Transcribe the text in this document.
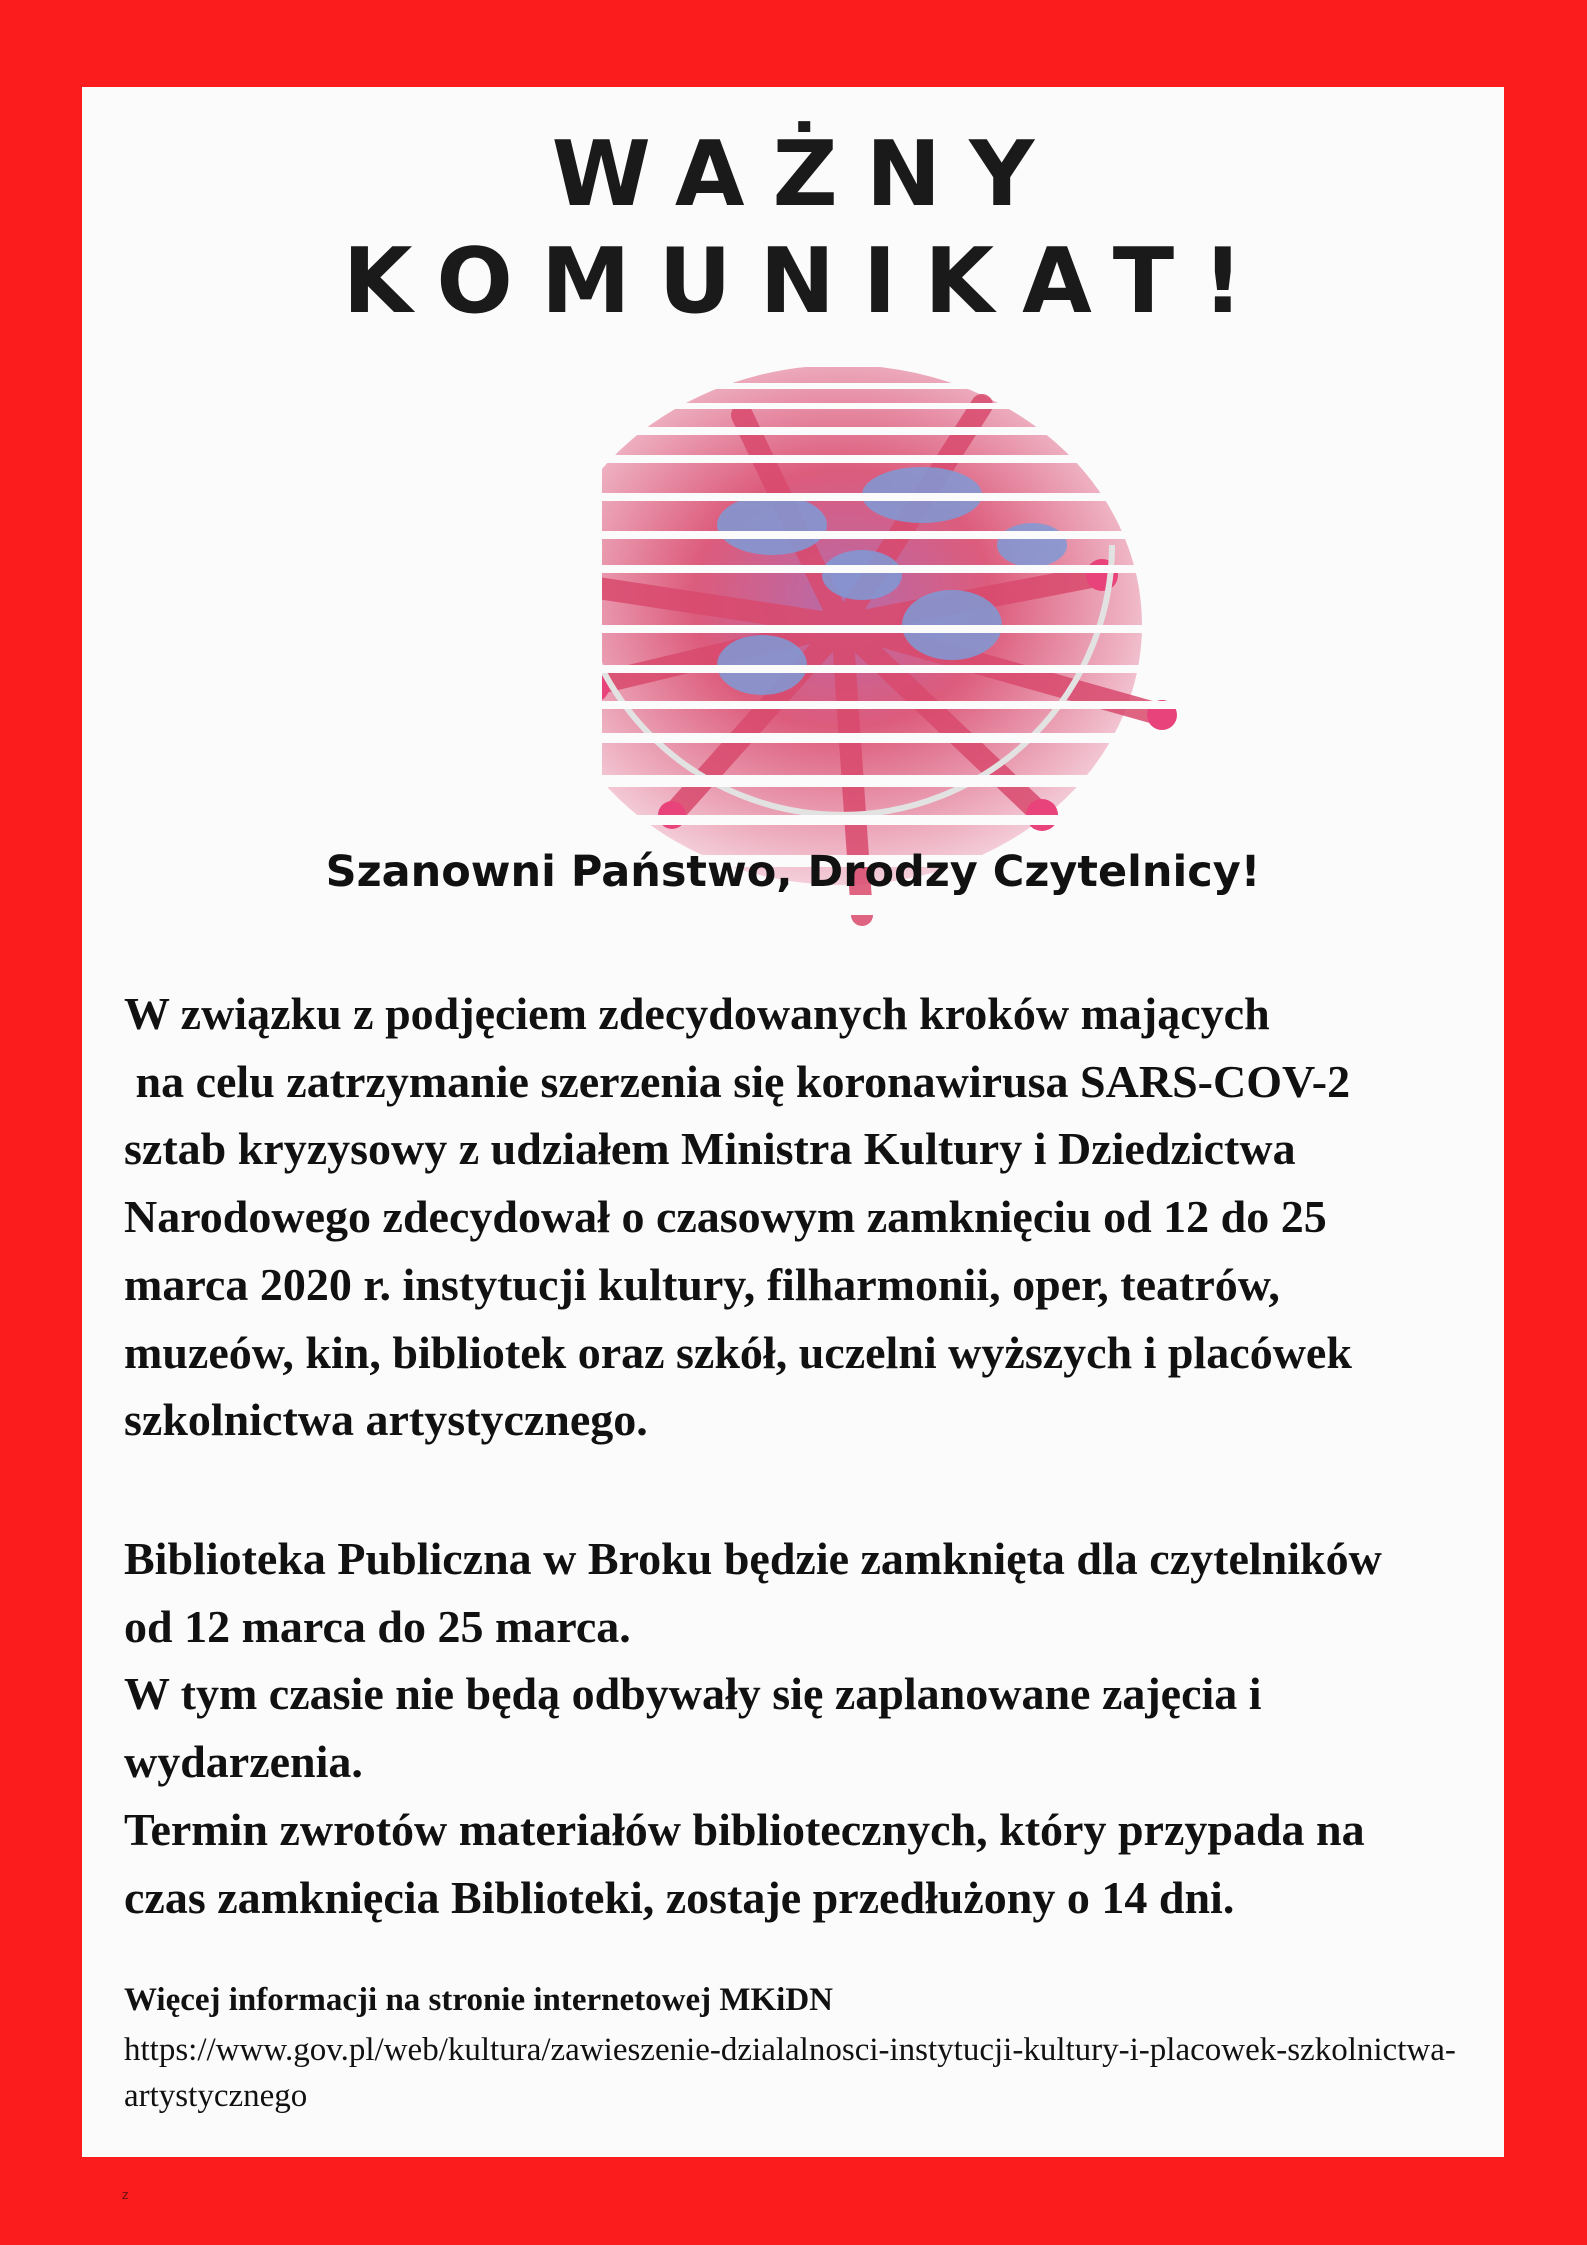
WAŻNY
KOMUNIKAT!
Szanowni Państwo, Drodzy Czytelnicy!
W związku z podjęciem zdecydowanych kroków mających
na celu zatrzymanie szerzenia się koronawirusa SARS-COV-2
sztab kryzysowy z udziałem Ministra Kultury i Dziedzictwa
Narodowego zdecydował o czasowym zamknięciu od 12 do 25
marca 2020 r. instytucji kultury, filharmonii, oper, teatrów,
muzeów, kin, bibliotek oraz szkół, uczelni wyższych i placówek
szkolnictwa artystycznego.
Biblioteka Publiczna w Broku będzie zamknięta dla czytelników
od 12 marca do 25 marca.
W tym czasie nie będą odbywały się zaplanowane zajęcia i
wydarzenia.
Termin zwrotów materiałów bibliotecznych, który przypada na
czas zamknięcia Biblioteki, zostaje przedłużony o 14 dni.
Więcej informacji na stronie internetowej MKiDN
https://www.gov.pl/web/kultura/zawieszenie-dzialalnosci-instytucji-kultury-i-placowek-szkolnictwa-artystycznego
z
